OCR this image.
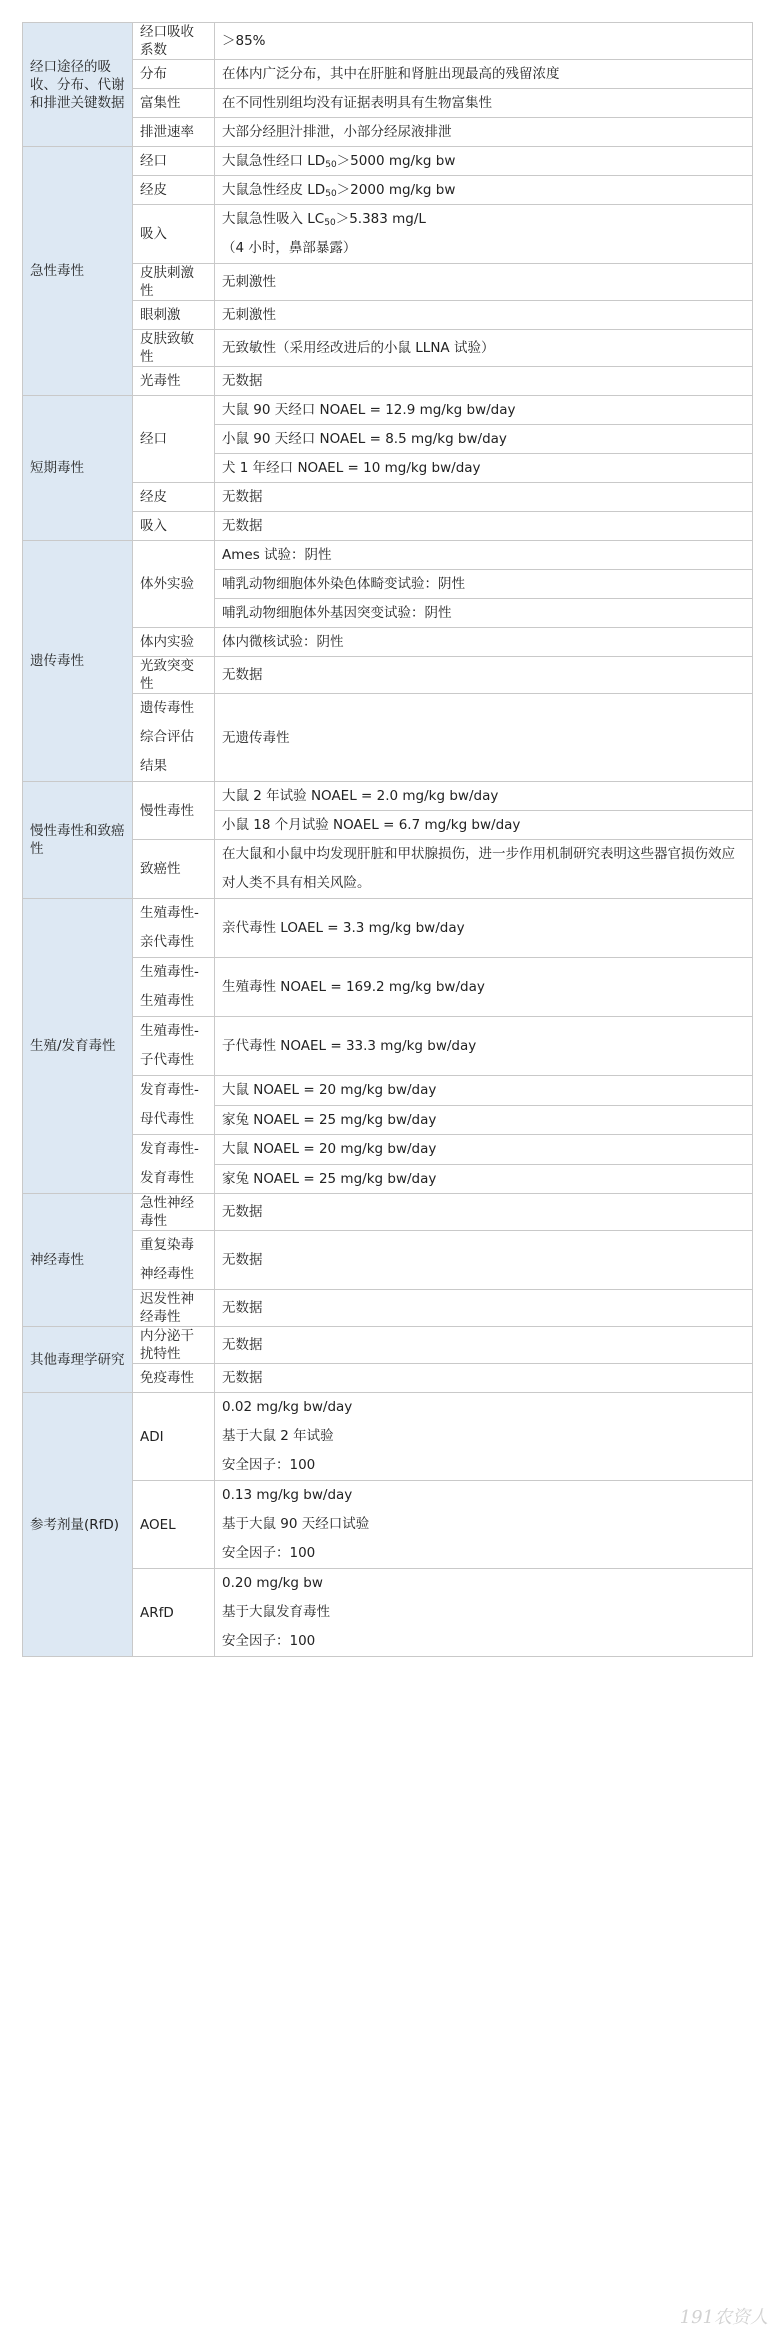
经口途径的吸收、分布、代谢和排泄关键数据	经口吸收系数	＞85%
	分布	在体内广泛分布，其中在肝脏和肾脏出现最高的残留浓度
	富集性	在不同性别组均没有证据表明具有生物富集性
	排泄速率	大部分经胆汁排泄，小部分经尿液排泄
急性毒性	经口	大鼠急性经口 $LD_{50}>5000$ mg/kg bw
	经皮	大鼠急性经皮 $LD_{50}>2000$ mg/kg bw
	吸入	大鼠急性吸入 $LC_{50}>5.383$ mg/L
（4 小时，鼻部暴露）

	皮肤刺激性	无刺激性
	眼刺激	无刺激性
	皮肤致敏性	无致敏性（采用经改进后的小鼠 LLNA 试验）
	光毒性	无数据
短期毒性	经口	大鼠 90 天经口 NOAEL = 12.9 mg/kg bw/day
		小鼠 90 天经口 NOAEL = 8.5 mg/kg bw/day
		犬 1 年经口 NOAEL = 10 mg/kg bw/day
	经皮	无数据
	吸入	无数据
遗传毒性	体外实验	Ames 试验：阴性
		哺乳动物细胞体外染色体畸变试验：阴性
		哺乳动物细胞体外基因突变试验：阴性
	体内实验	体内微核试验：阴性
	光致突变性	无数据
	遗传毒性综合评估结果	无遗传毒性
慢性毒性和致癌性	慢性毒性	大鼠 2 年试验 NOAEL = 2.0 mg/kg bw/day
		小鼠 18 个月试验 NOAEL = 6.7 mg/kg bw/day
	致癌性	在大鼠和小鼠中均发现肝脏和甲状腺损伤，进一步作用机制研究表明这些器官损伤效应对人类不具有相关风险。
生殖/发育毒性	生殖毒性-亲代毒性	亲代毒性 LOAEL = 3.3 mg/kg bw/day
	生殖毒性-生殖毒性	生殖毒性 NOAEL = 169.2 mg/kg bw/day
	生殖毒性-子代毒性	子代毒性 NOAEL = 33.3 mg/kg bw/day
	发育毒性-母代毒性	大鼠 NOAEL = 20 mg/kg bw/day
		家兔 NOAEL = 25 mg/kg bw/day
	发育毒性-发育毒性	大鼠 NOAEL = 20 mg/kg bw/day
		家兔 NOAEL = 25 mg/kg bw/day
神经毒性	急性神经毒性	无数据
	重复染毒神经毒性	无数据
	迟发性神经毒性	无数据
其他毒理学研究	内分泌干扰特性	无数据
	免疫毒性	无数据
参考剂量(RfD)	ADI	0.02 mg/kg bw/day
基于大鼠 2 年试验
安全因子：100

	AOEL	0.13 mg/kg bw/day
基于大鼠 90 天经口试验
安全因子：100

	ARfD	0.20 mg/kg bw
基于大鼠发育毒性
安全因子：100
191农资人
